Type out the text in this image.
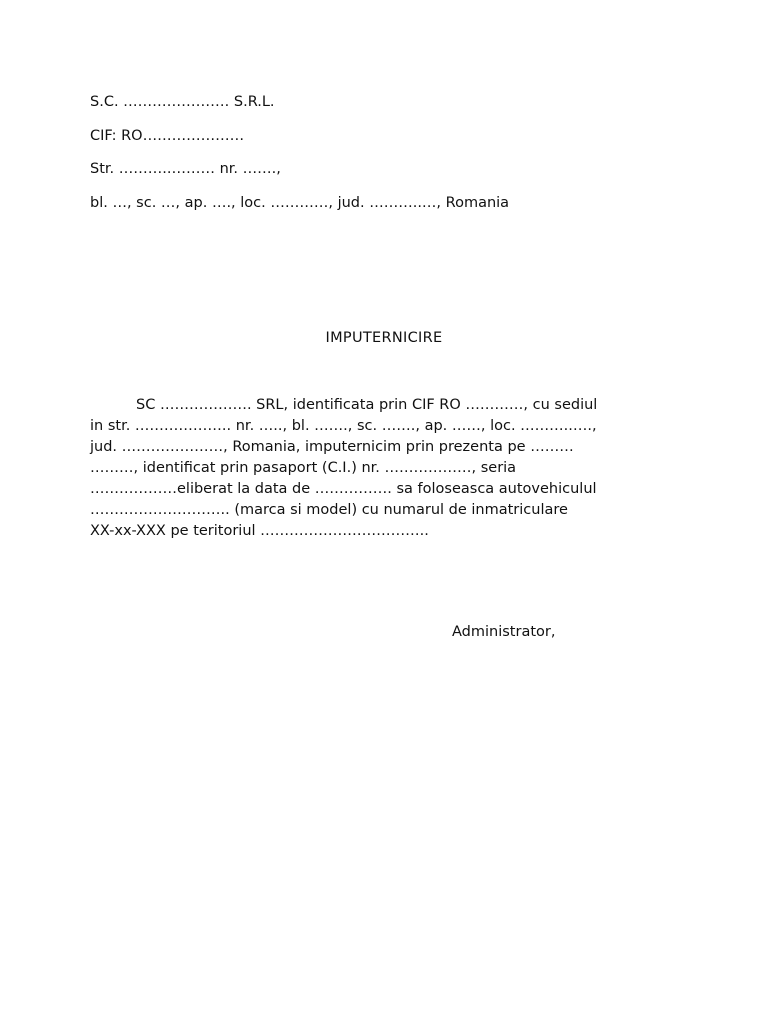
S.C. …………………. S.R.L.
CIF: RO…………………
Str. ………..……… nr. …….,
bl. …, sc. …, ap. …., loc. …………, jud. ………..…, Romania
IMPUTERNICIRE
SC ………………. SRL, identificata prin CIF RO …………, cu sediul
in str. ……………….. nr. ….., bl. ……., sc. ……., ap. ……, loc. ………..….,
jud. …………………, Romania, imputernicim prin prezenta pe ………
………, identificat prin pasaport (C.I.) nr. ………………, seria
………………eliberat la data de ……………. sa foloseasca autovehiculul
……………………….. (marca si model) cu numarul de inmatriculare
XX-xx-XXX pe teritoriul ……………………………..
Administrator,
